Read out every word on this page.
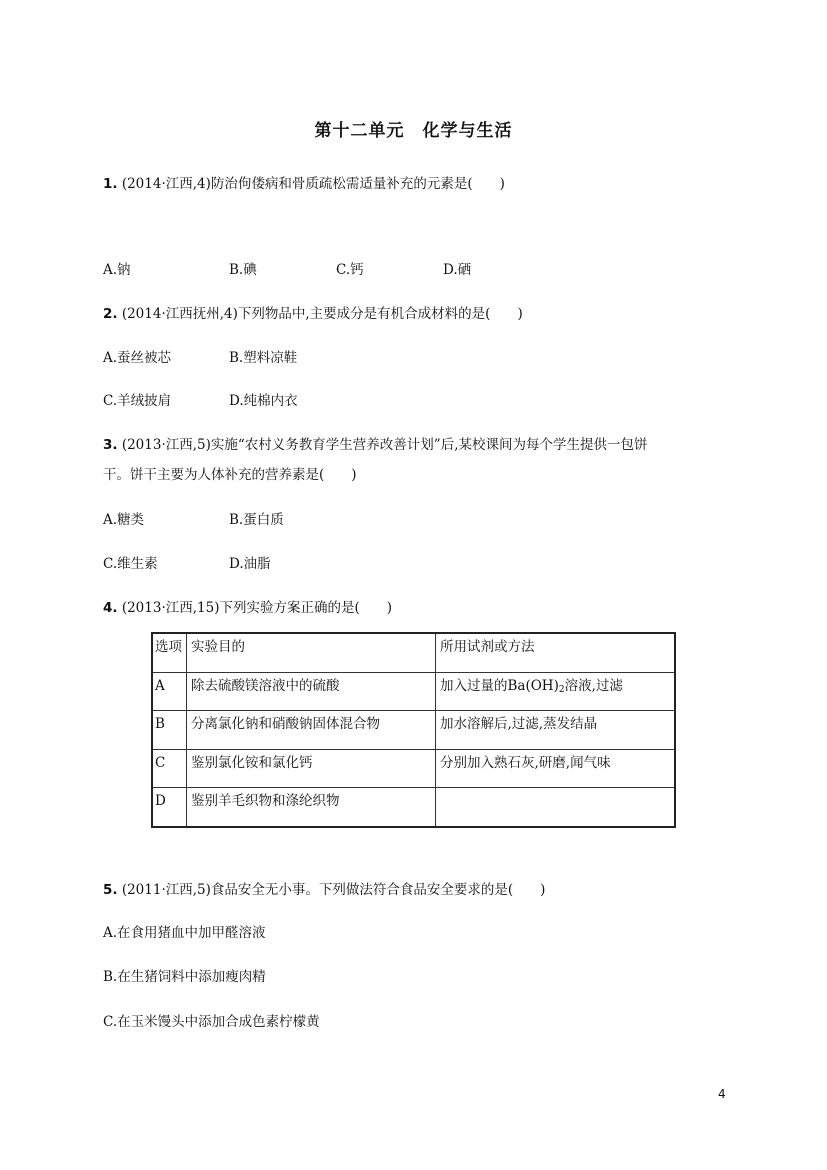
第十二单元　化学与生活
1. (2014·江西,4)防治佝偻病和骨质疏松需适量补充的元素是(　　)
A.钠	B.碘	C.钙	D.硒
2. (2014·江西抚州,4)下列物品中,主要成分是有机合成材料的是(　　)
A.蚕丝被芯	B.塑料凉鞋
C.羊绒披肩	D.纯棉内衣
3. (2013·江西,5)实施“农村义务教育学生营养改善计划”后,某校课间为每个学生提供一包饼
干。饼干主要为人体补充的营养素是(　　)
A.糖类	B.蛋白质
C.维生素	D.油脂
4. (2013·江西,15)下列实验方案正确的是(　　)
选项	实验目的	所用试剂或方法
A	除去硫酸镁溶液中的硫酸	加入过量的$Ba(OH)_2$溶液,过滤
B	分离氯化钠和硝酸钠固体混合物	加水溶解后,过滤,蒸发结晶
C	鉴别氯化铵和氯化钙	分别加入熟石灰,研磨,闻气味
D	鉴别羊毛织物和涤纶织物	
5. (2011·江西,5)食品安全无小事。下列做法符合食品安全要求的是(　　)
A.在食用猪血中加甲醛溶液
B.在生猪饲料中添加瘦肉精
C.在玉米馒头中添加合成色素柠檬黄
4
